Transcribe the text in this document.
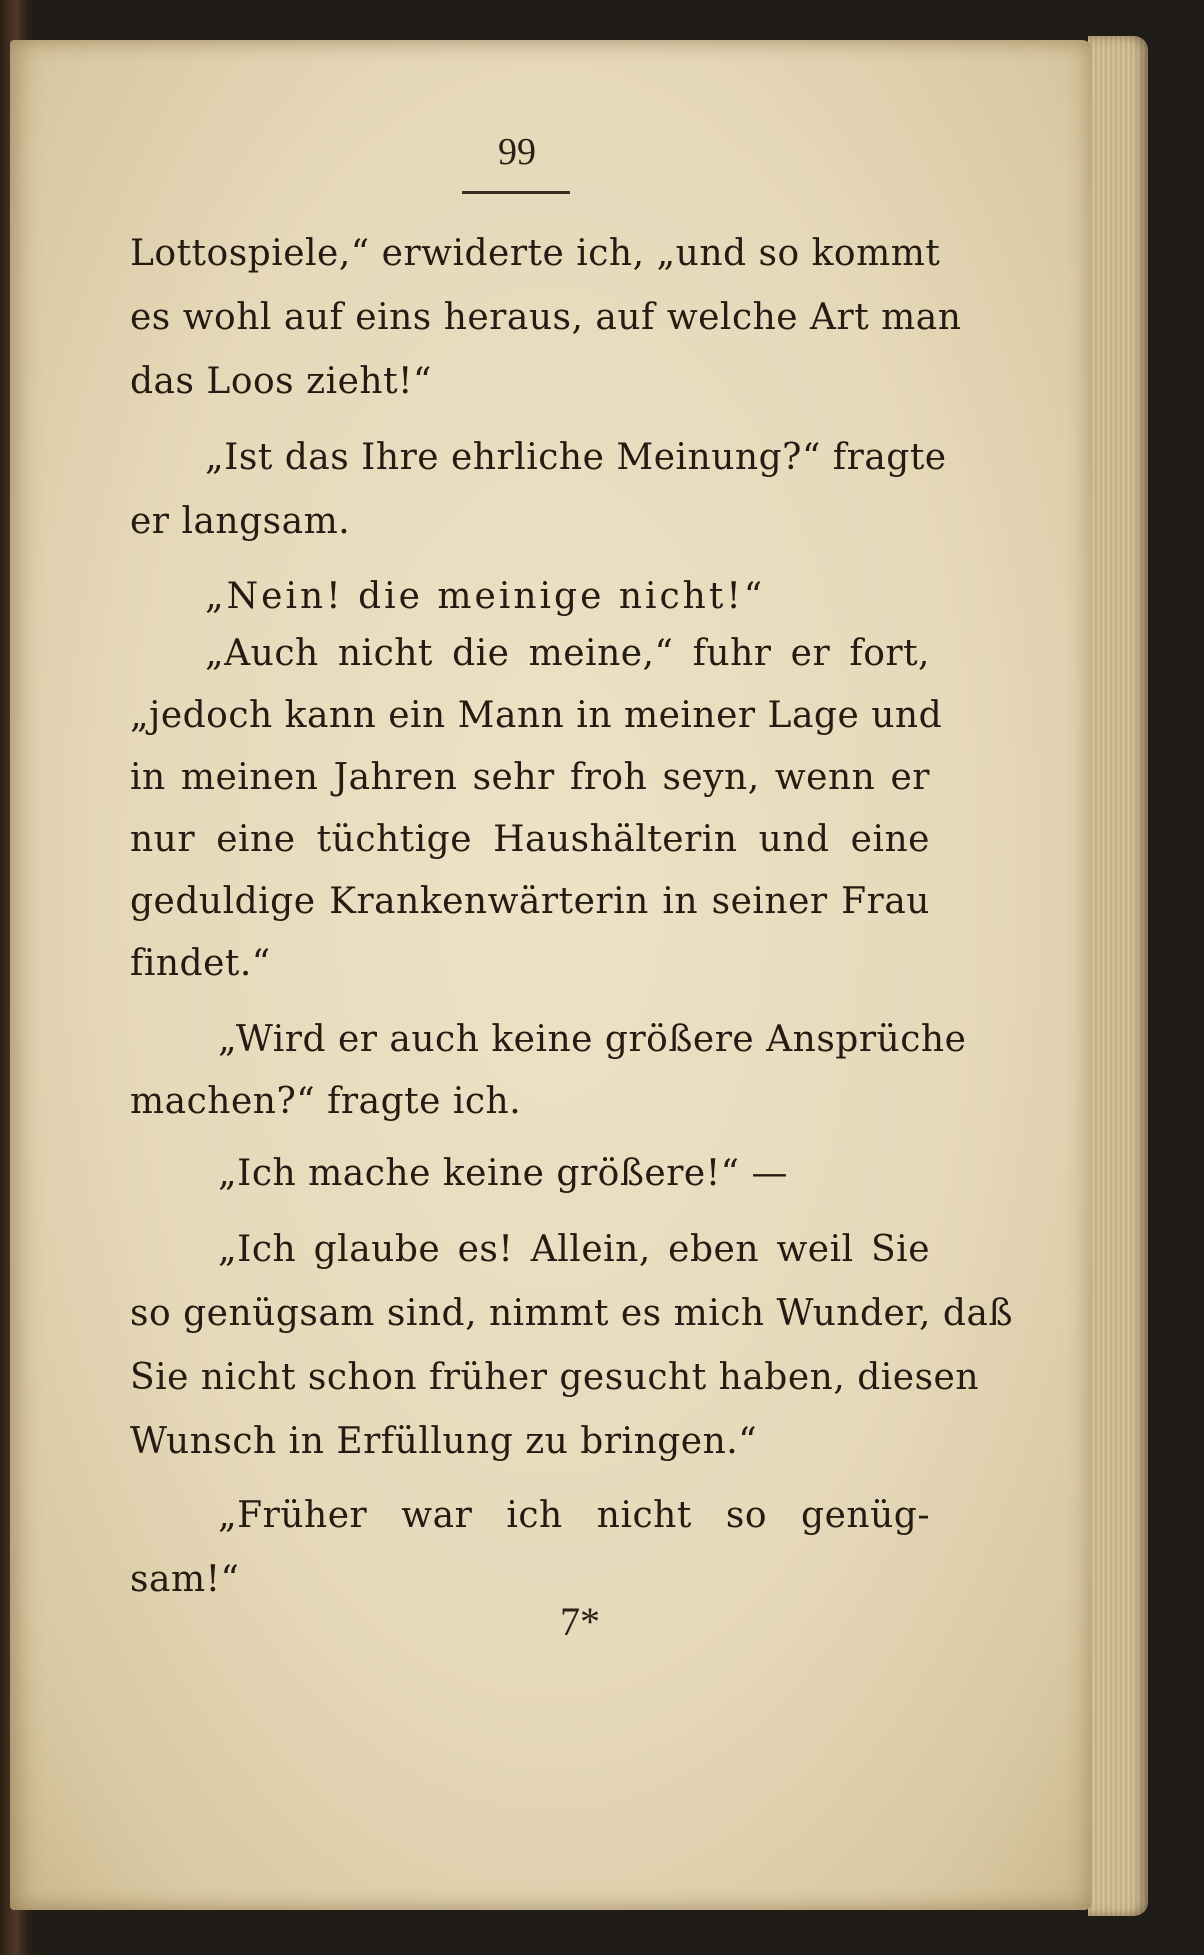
99
Lottospiele,“ erwiderte ich, „und so kommt
es wohl auf eins heraus, auf welche Art man
das Loos zieht!“
„Ist das Ihre ehrliche Meinung?“ fragte
er langsam.
„Nein! die meinige nicht!“
„Auch nicht die meine,“ fuhr er fort,
„jedoch kann ein Mann in meiner Lage und
in meinen Jahren sehr froh seyn, wenn er
nur eine tüchtige Haushälterin und eine
geduldige Krankenwärterin in seiner Frau
findet.“
„Wird er auch keine größere Ansprüche
machen?“ fragte ich.
„Ich mache keine größere!“ —
„Ich glaube es! Allein, eben weil Sie
so genügsam sind, nimmt es mich Wunder, daß
Sie nicht schon früher gesucht haben, diesen
Wunsch in Erfüllung zu bringen.“
„Früher war ich nicht so genüg-
sam!“
7*
